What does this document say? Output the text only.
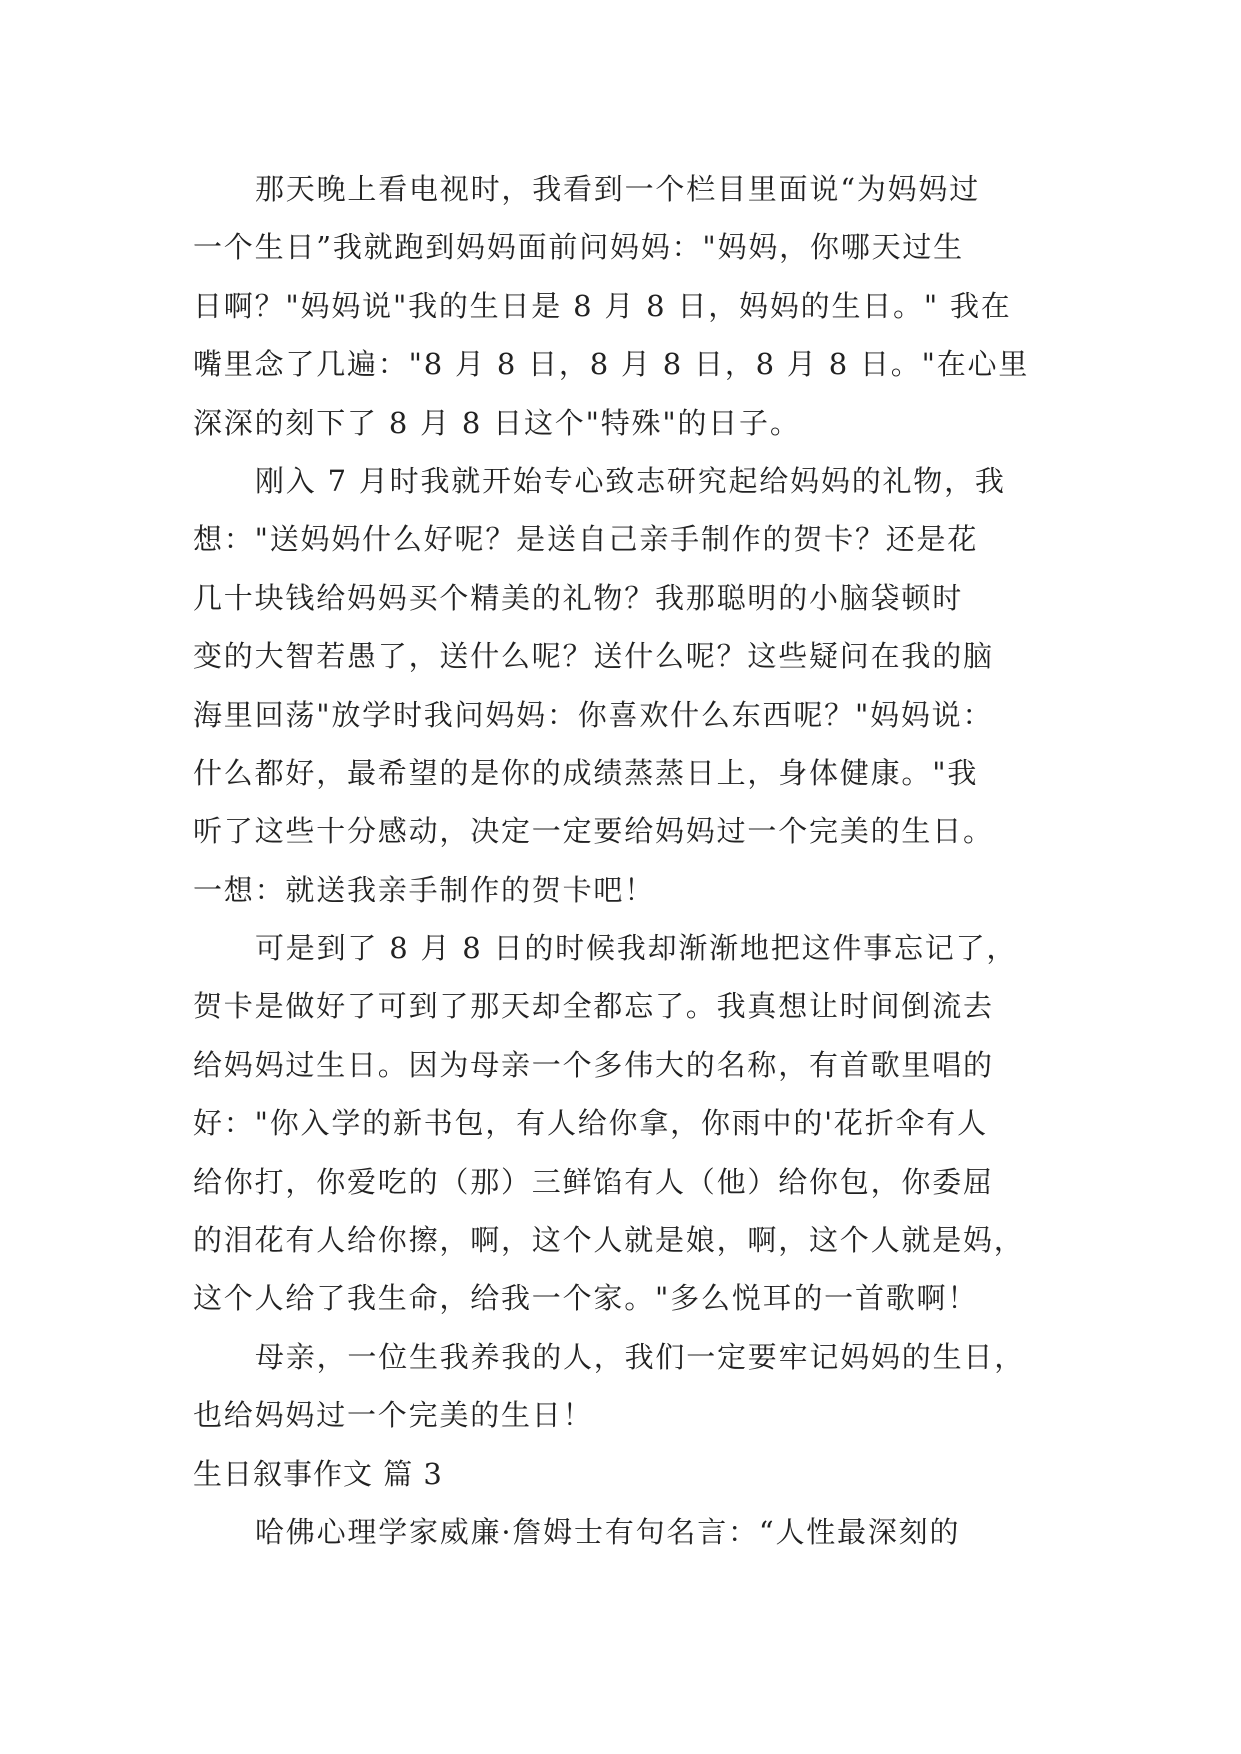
那天晚上看电视时，我看到一个栏目里面说“为妈妈过
一个生日”我就跑到妈妈面前问妈妈："妈妈，你哪天过生
日啊？"妈妈说"我的生日是 8 月 8 日，妈妈的生日。" 我在
嘴里念了几遍："8 月 8 日，8 月 8 日，8 月 8 日。"在心里
深深的刻下了 8 月 8 日这个"特殊"的日子。
刚入 7 月时我就开始专心致志研究起给妈妈的礼物，我
想："送妈妈什么好呢？是送自己亲手制作的贺卡？还是花
几十块钱给妈妈买个精美的礼物？我那聪明的小脑袋顿时
变的大智若愚了，送什么呢？送什么呢？这些疑问在我的脑
海里回荡"放学时我问妈妈：你喜欢什么东西呢？"妈妈说：
什么都好，最希望的是你的成绩蒸蒸日上，身体健康。"我
听了这些十分感动，决定一定要给妈妈过一个完美的生日。
一想：就送我亲手制作的贺卡吧！
可是到了 8 月 8 日的时候我却渐渐地把这件事忘记了，
贺卡是做好了可到了那天却全都忘了。我真想让时间倒流去
给妈妈过生日。因为母亲一个多伟大的名称，有首歌里唱的
好："你入学的新书包，有人给你拿，你雨中的'花折伞有人
给你打，你爱吃的（那）三鲜馅有人（他）给你包，你委屈
的泪花有人给你擦，啊，这个人就是娘，啊，这个人就是妈，
这个人给了我生命，给我一个家。"多么悦耳的一首歌啊！
母亲，一位生我养我的人，我们一定要牢记妈妈的生日，
也给妈妈过一个完美的生日！
生日叙事作文 篇 3
哈佛心理学家威廉·詹姆士有句名言：“人性最深刻的
